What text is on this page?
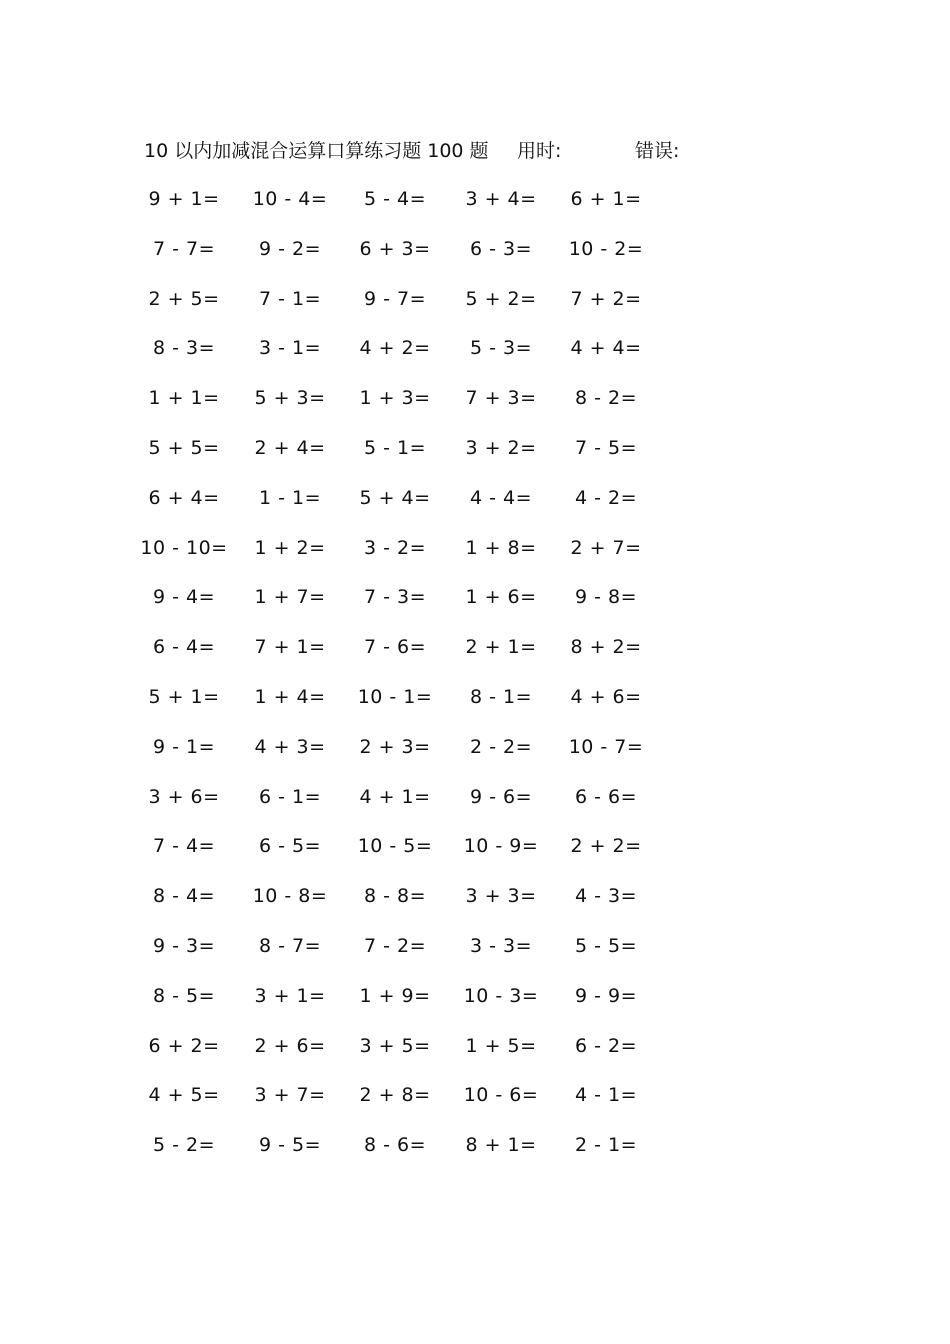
10 以内加减混合运算口算练习题 100 题 用时:	错误:
9 + 1= 10 - 4= 5 - 4= 3 + 4= 6 + 1=
7 - 7= 9 - 2= 6 + 3= 6 - 3= 10 - 2=
2 + 5= 7 - 1= 9 - 7= 5 + 2= 7 + 2=
8 - 3= 3 - 1= 4 + 2= 5 - 3= 4 + 4=
1 + 1= 5 + 3= 1 + 3= 7 + 3= 8 - 2=
5 + 5= 2 + 4= 5 - 1= 3 + 2= 7 - 5=
6 + 4= 1 - 1= 5 + 4= 4 - 4= 4 - 2=
10 - 10= 1 + 2= 3 - 2= 1 + 8= 2 + 7=
9 - 4= 1 + 7= 7 - 3= 1 + 6= 9 - 8=
6 - 4= 7 + 1= 7 - 6= 2 + 1= 8 + 2=
5 + 1= 1 + 4= 10 - 1= 8 - 1= 4 + 6=
9 - 1= 4 + 3= 2 + 3= 2 - 2= 10 - 7=
3 + 6= 6 - 1= 4 + 1= 9 - 6= 6 - 6=
7 - 4= 6 - 5= 10 - 5= 10 - 9= 2 + 2=
8 - 4= 10 - 8= 8 - 8= 3 + 3= 4 - 3=
9 - 3= 8 - 7= 7 - 2= 3 - 3= 5 - 5=
8 - 5= 3 + 1= 1 + 9= 10 - 3= 9 - 9=
6 + 2= 2 + 6= 3 + 5= 1 + 5= 6 - 2=
4 + 5= 3 + 7= 2 + 8= 10 - 6= 4 - 1=
5 - 2= 9 - 5= 8 - 6= 8 + 1= 2 - 1=
